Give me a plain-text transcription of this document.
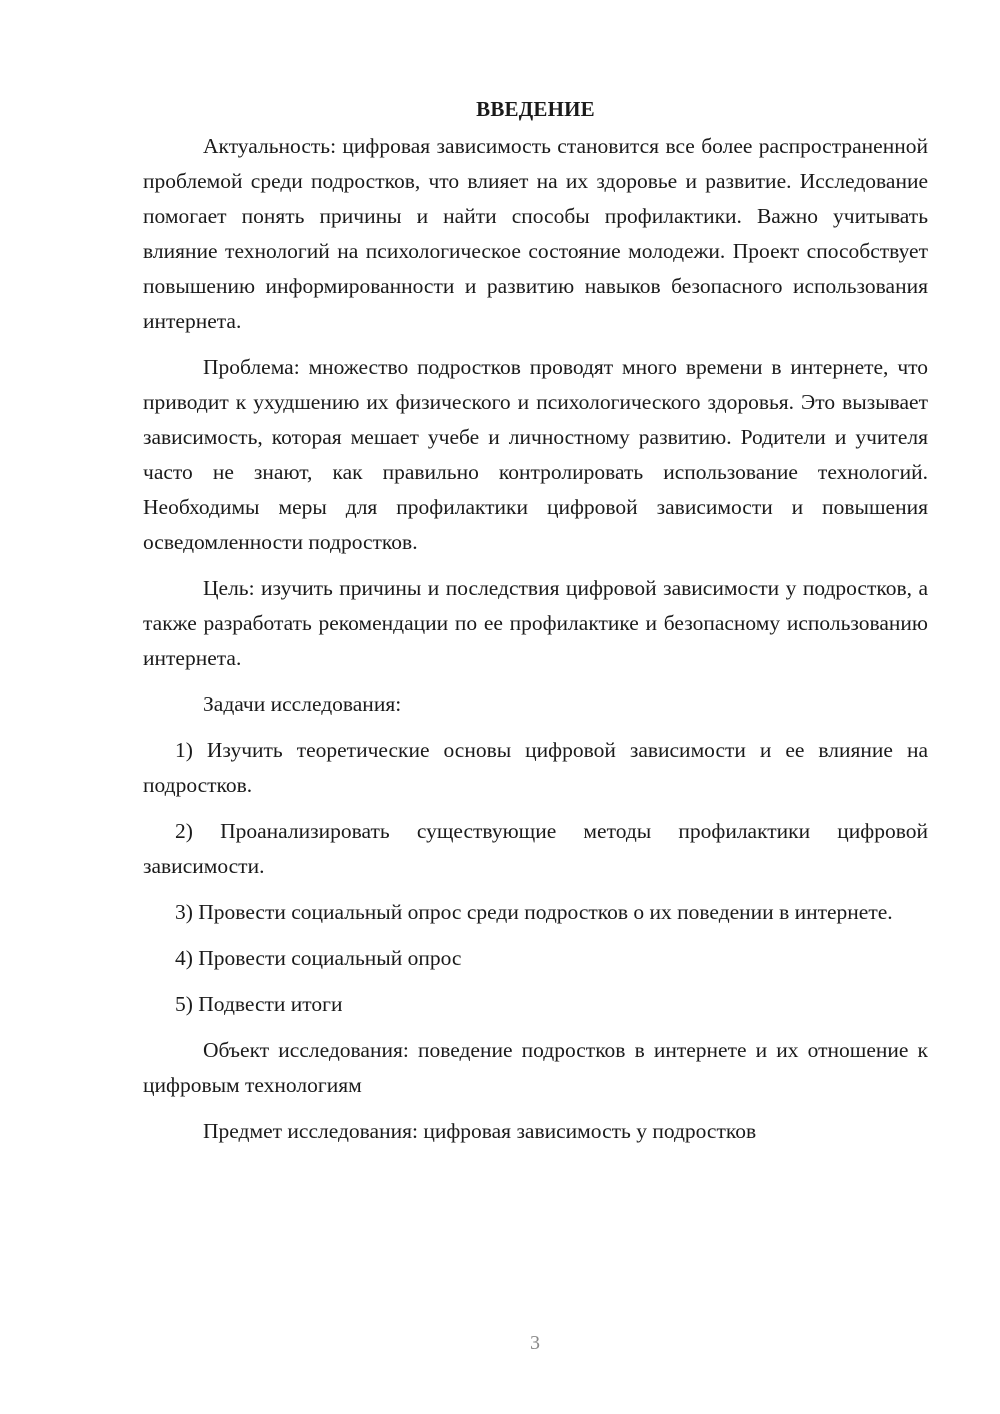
ВВЕДЕНИЕ

Актуальность: цифровая зависимость становится все более распространенной проблемой среди подростков, что влияет на их здоровье и развитие. Исследование помогает понять причины и найти способы профилактики. Важно учитывать влияние технологий на психологическое состояние молодежи. Проект способствует повышению информированности и развитию навыков безопасного использования интернета.

Проблема: множество подростков проводят много времени в интернете, что приводит к ухудшению их физического и психологического здоровья. Это вызывает зависимость, которая мешает учебе и личностному развитию. Родители и учителя часто не знают, как правильно контролировать использование технологий. Необходимы меры для профилактики цифровой зависимости и повышения осведомленности подростков.

Цель: изучить причины и последствия цифровой зависимости у подростков, а также разработать рекомендации по ее профилактике и безопасному использованию интернета.

Задачи исследования:

1) Изучить теоретические основы цифровой зависимости и ее влияние на подростков.

2) Проанализировать существующие методы профилактики цифровой зависимости.

3) Провести социальный опрос среди подростков о их поведении в интернете.

4) Провести социальный опрос

5) Подвести итоги

Объект исследования: поведение подростков в интернете и их отношение к цифровым технологиям

Предмет исследования: цифровая зависимость у подростков

3
